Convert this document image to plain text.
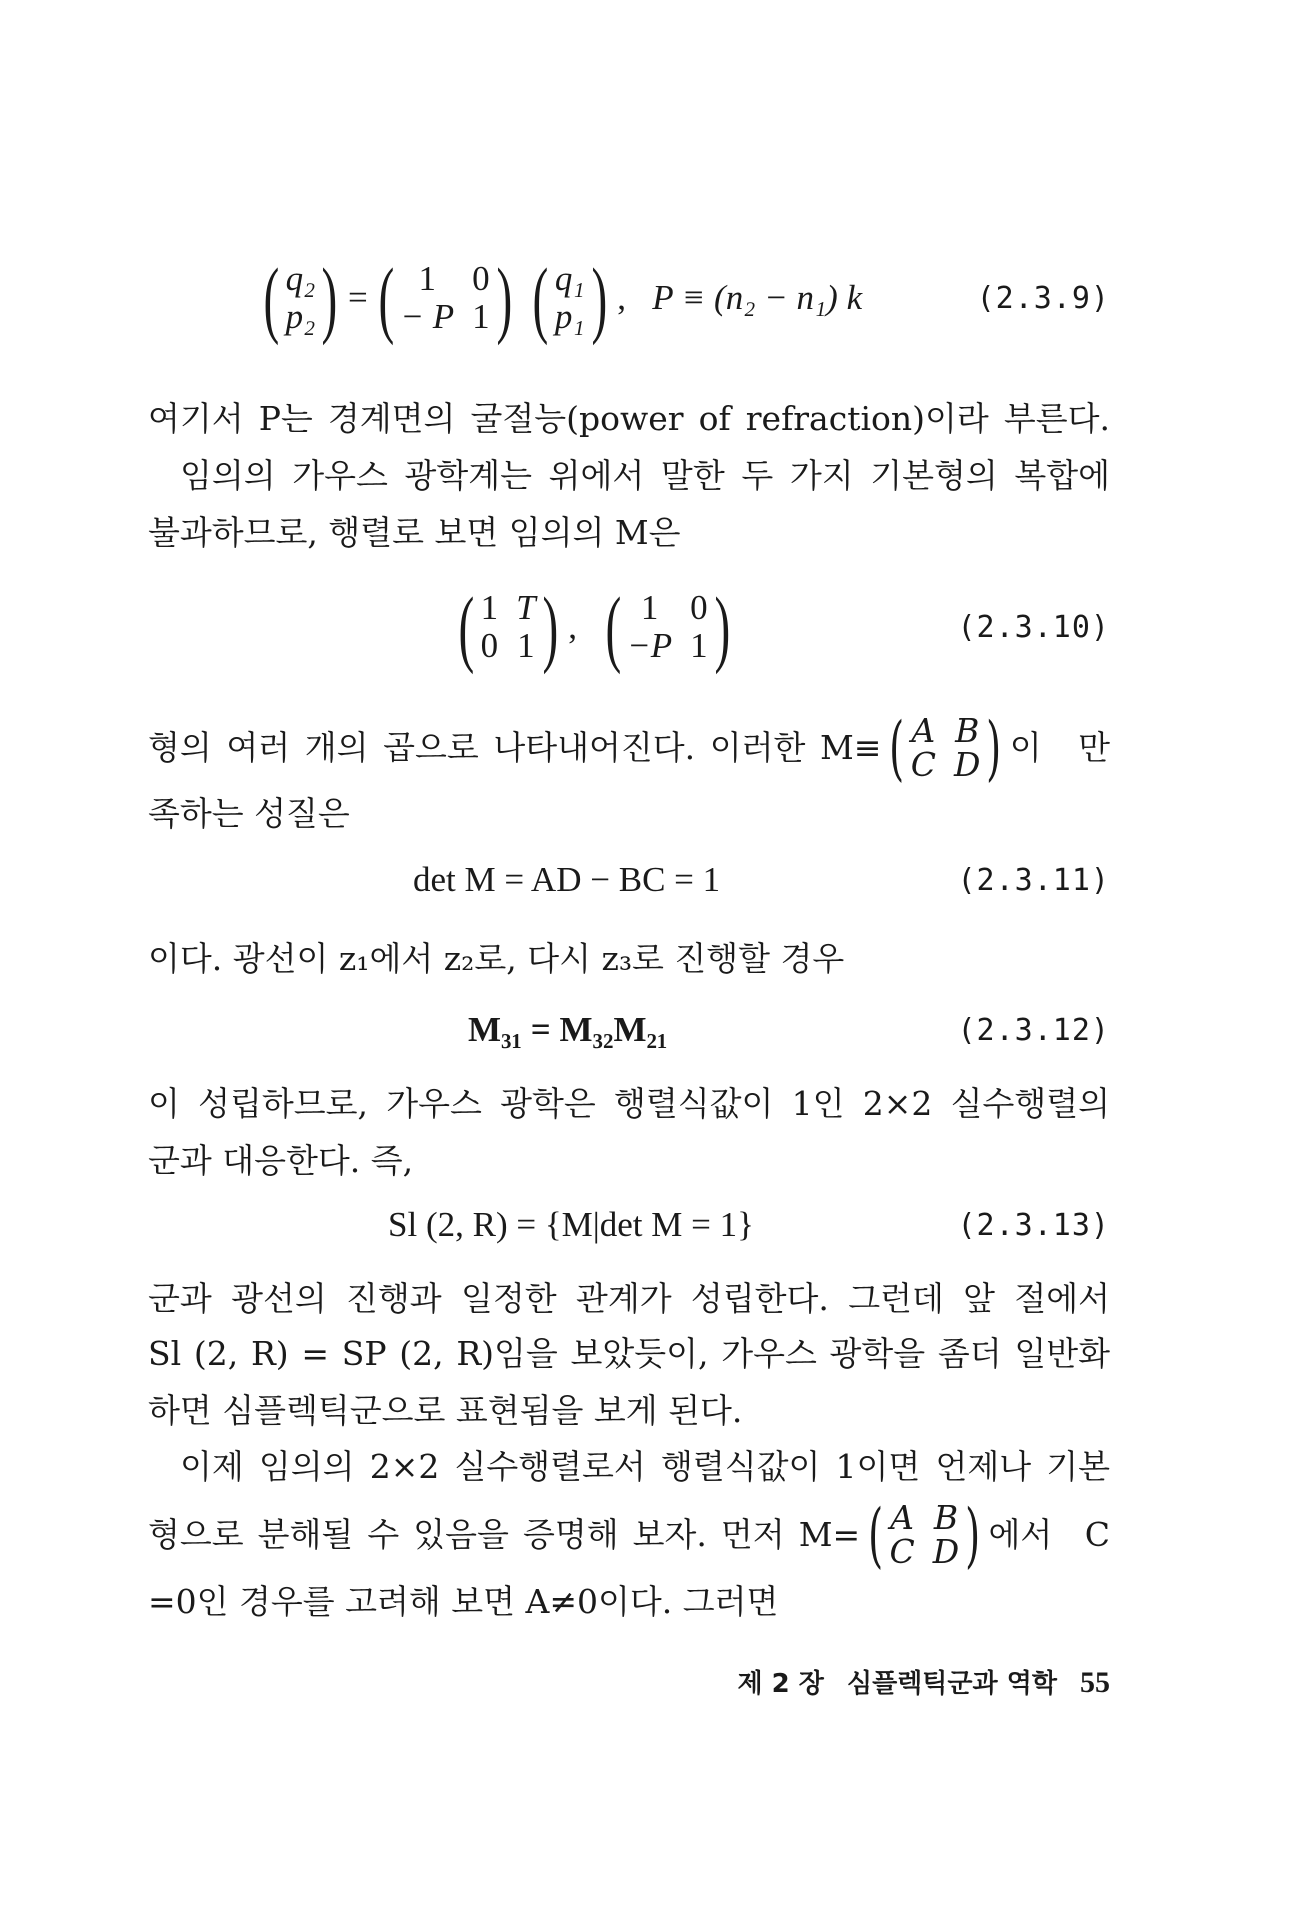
( q₂
p₂ ) = ( 1	0
− P 1 ) ( q₁
p₁ ) , P ≡ (n₂ − n₁) k	(2.3.9)
여기서 P는 경계면의 굴절능(power of refraction)이라 부른다.
임의의 가우스 광학계는 위에서 말한 두 가지 기본형의 복합에
불과하므로, 행렬로 보면 임의의 M은
( 1 T
0 1 ) , ( 1 0
−P 1 )	(2.3.10)
형의 여러 개의 곱으로 나타내어진다. 이러한 M≡ ( A B
C D ) 이 만
족하는 성질은
det M = AD − BC = 1	(2.3.11)
이다. 광선이 z₁에서 z₂로, 다시 z₃로 진행할 경우
M₃₁ = M₃₂M₂₁	(2.3.12)
이 성립하므로, 가우스 광학은 행렬식값이 1인 2×2 실수행렬의
군과 대응한다. 즉,
Sl (2, R) = {M|det M = 1}	(2.3.13)
군과 광선의 진행과 일정한 관계가 성립한다. 그런데 앞 절에서
Sl (2, R) = SP (2, R)임을 보았듯이, 가우스 광학을 좀더 일반화
하면 심플렉틱군으로 표현됨을 보게 된다.
이제 임의의 2×2 실수행렬로서 행렬식값이 1이면 언제나 기본
형으로 분해될 수 있음을 증명해 보자. 먼저 M= ( A B
C D ) 에서 C
=0인 경우를 고려해 보면 A≠0이다. 그러면
제 2 장 심플렉틱군과 역학 55
